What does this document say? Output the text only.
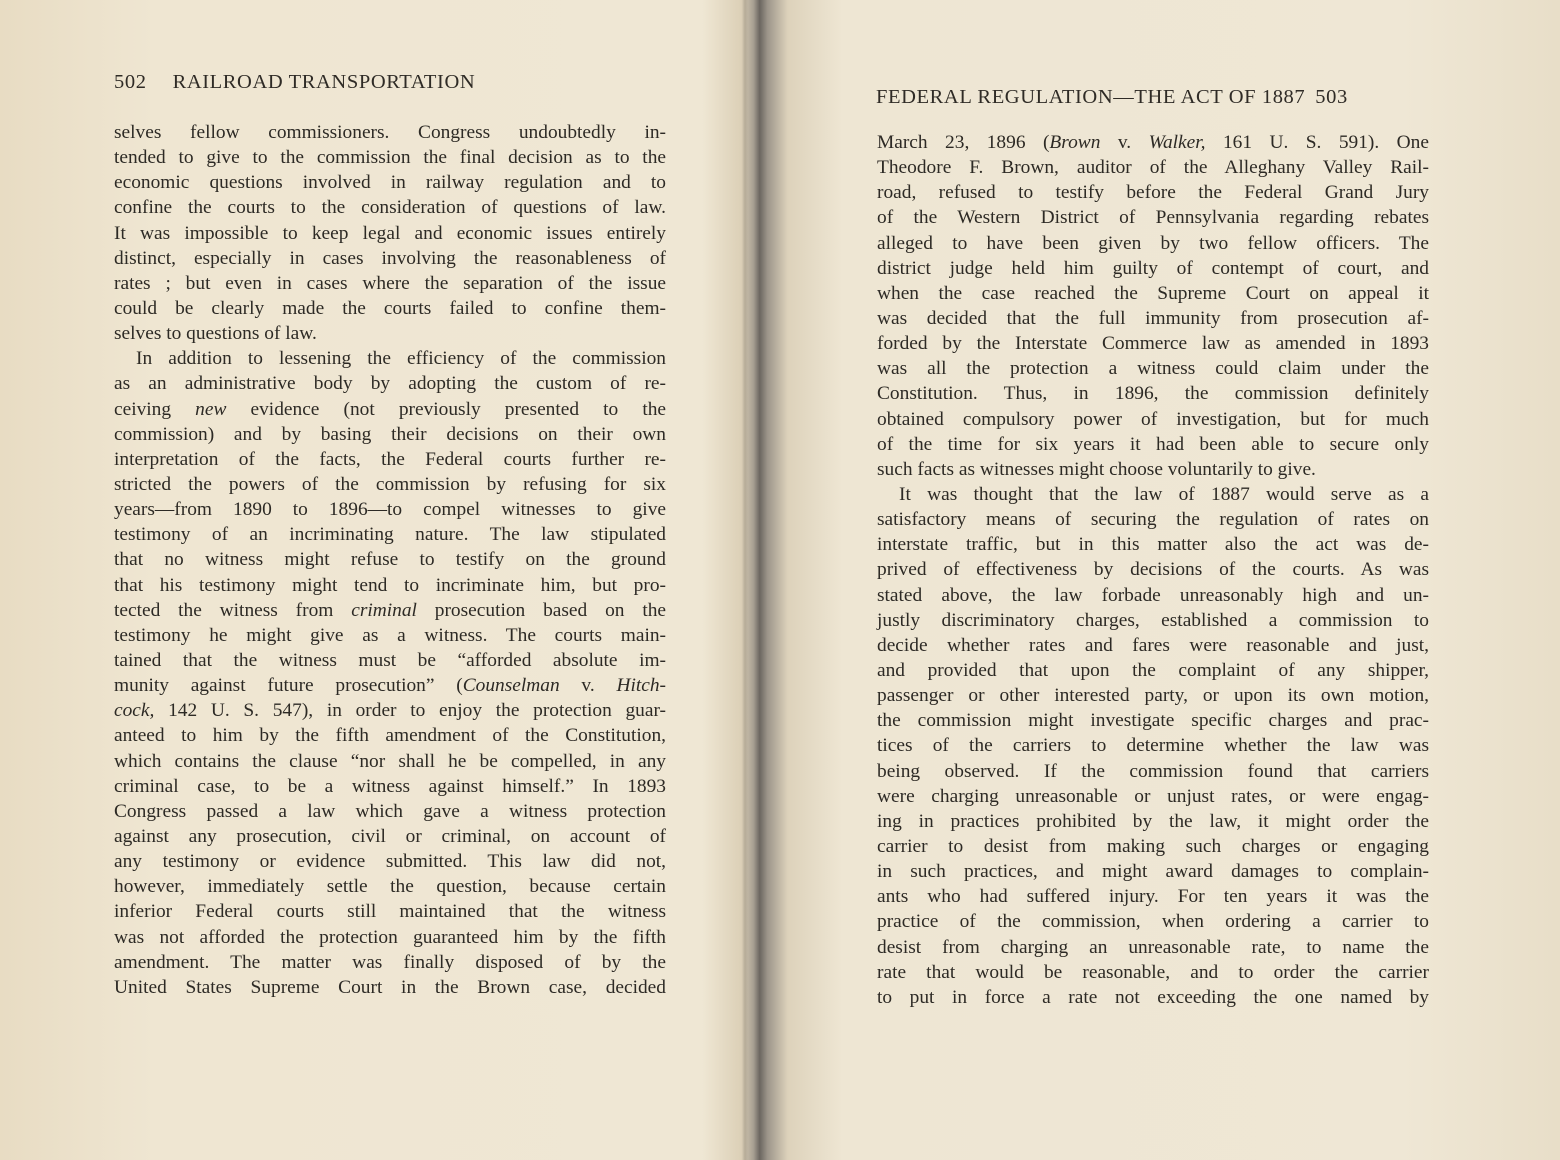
502 RAILROAD TRANSPORTATION
FEDERAL REGULATION—THE ACT OF 1887 503
selves fellow commissioners. Congress undoubtedly in-
tended to give to the commission the final decision as to the
economic questions involved in railway regulation and to
confine the courts to the consideration of questions of law.
It was impossible to keep legal and economic issues entirely
distinct, especially in cases involving the reasonableness of
rates ; but even in cases where the separation of the issue
could be clearly made the courts failed to confine them-
selves to questions of law.
In addition to lessening the efficiency of the commission
as an administrative body by adopting the custom of re-
ceiving new evidence (not previously presented to the
commission) and by basing their decisions on their own
interpretation of the facts, the Federal courts further re-
stricted the powers of the commission by refusing for six
years—from 1890 to 1896—to compel witnesses to give
testimony of an incriminating nature. The law stipulated
that no witness might refuse to testify on the ground
that his testimony might tend to incriminate him, but pro-
tected the witness from criminal prosecution based on the
testimony he might give as a witness. The courts main-
tained that the witness must be “afforded absolute im-
munity against future prosecution” (Counselman v. Hitch-
cock, 142 U. S. 547), in order to enjoy the protection guar-
anteed to him by the fifth amendment of the Constitution,
which contains the clause “nor shall he be compelled, in any
criminal case, to be a witness against himself.” In 1893
Congress passed a law which gave a witness protection
against any prosecution, civil or criminal, on account of
any testimony or evidence submitted. This law did not,
however, immediately settle the question, because certain
inferior Federal courts still maintained that the witness
was not afforded the protection guaranteed him by the fifth
amendment. The matter was finally disposed of by the
United States Supreme Court in the Brown case, decided
March 23, 1896 (Brown v. Walker, 161 U. S. 591). One
Theodore F. Brown, auditor of the Alleghany Valley Rail-
road, refused to testify before the Federal Grand Jury
of the Western District of Pennsylvania regarding rebates
alleged to have been given by two fellow officers. The
district judge held him guilty of contempt of court, and
when the case reached the Supreme Court on appeal it
was decided that the full immunity from prosecution af-
forded by the Interstate Commerce law as amended in 1893
was all the protection a witness could claim under the
Constitution. Thus, in 1896, the commission definitely
obtained compulsory power of investigation, but for much
of the time for six years it had been able to secure only
such facts as witnesses might choose voluntarily to give.
It was thought that the law of 1887 would serve as a
satisfactory means of securing the regulation of rates on
interstate traffic, but in this matter also the act was de-
prived of effectiveness by decisions of the courts. As was
stated above, the law forbade unreasonably high and un-
justly discriminatory charges, established a commission to
decide whether rates and fares were reasonable and just,
and provided that upon the complaint of any shipper,
passenger or other interested party, or upon its own motion,
the commission might investigate specific charges and prac-
tices of the carriers to determine whether the law was
being observed. If the commission found that carriers
were charging unreasonable or unjust rates, or were engag-
ing in practices prohibited by the law, it might order the
carrier to desist from making such charges or engaging
in such practices, and might award damages to complain-
ants who had suffered injury. For ten years it was the
practice of the commission, when ordering a carrier to
desist from charging an unreasonable rate, to name the
rate that would be reasonable, and to order the carrier
to put in force a rate not exceeding the one named by
